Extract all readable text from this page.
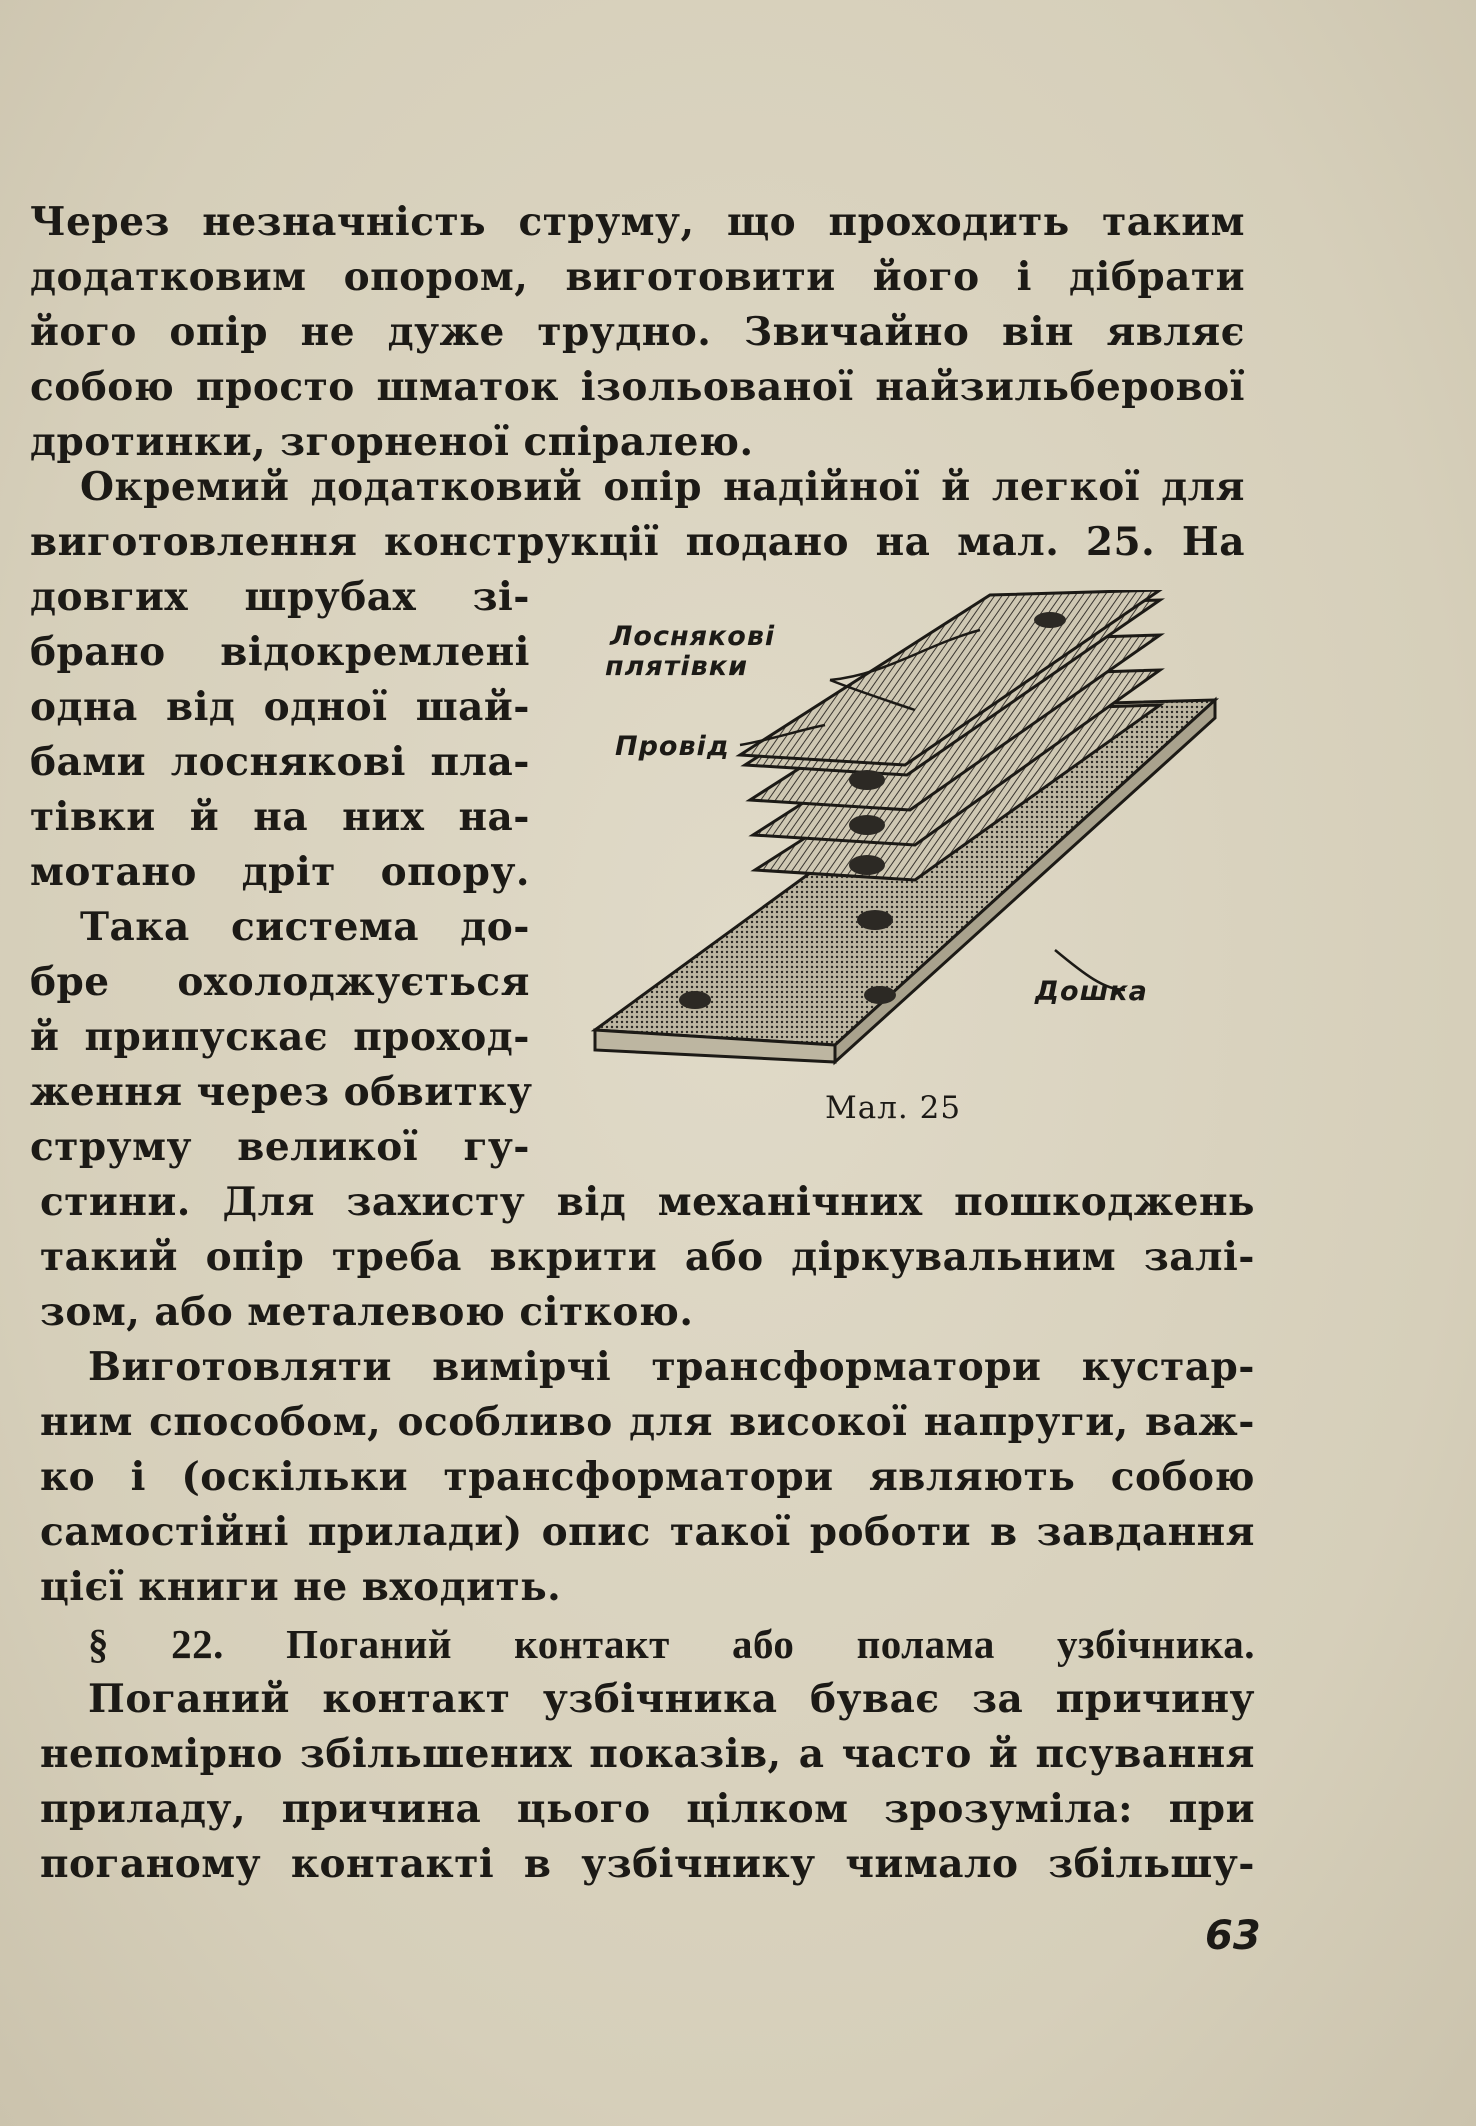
Через незначність струму, що проходить таким

додатковим опором, виготовити його і дібрати

його опір не дуже трудно. Звичайно він являє

собою просто шматок ізольованої найзильберової

дротинки, згорненої спіралею.

Окремий додатковий опір надійної й легкої для

виготовлення конструкції подано на мал. 25. На

довгих шрубах зі-

брано відокремлені

одна від одної шай-

бами лоснякові пла-

тівки й на них на-

мотано дріт опору.

Така система до-

бре охолоджується

й припускає проход-

ження через обвитку

струму великої гу-

Лоснякові
плятівки
Провід
Дошка
Мал. 25

стини. Для захисту від механічних пошкоджень

такий опір треба вкрити або діркувальним залі-

зом, або металевою сіткою.

Виготовляти вимірчі трансформатори кустар-

ним способом, особливо для високої напруги, важ-

ко і (оскільки трансформатори являють собою

самостійні прилади) опис такої роботи в завдання

цієї книги не входить.

§ 22. Поганий контакт або полама узбічника.

Поганий контакт узбічника буває за причину

непомірно збільшених показів, а часто й псування

приладу, причина цього цілком зрозуміла: при

поганому контакті в узбічнику чимало збільшу-

63
